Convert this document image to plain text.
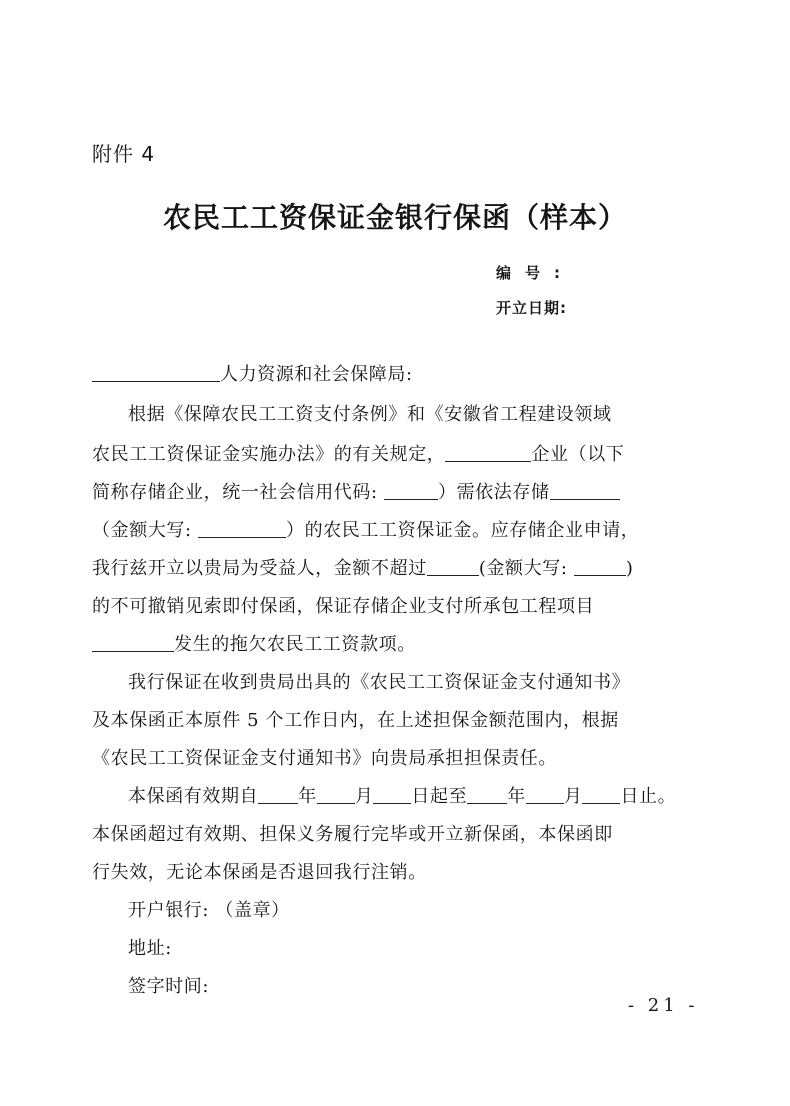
附件 4
农民工工资保证金银行保函（样本）
编号:
开立日期:
人力资源和社会保障局:
根据《保障农民工工资支付条例》和《安徽省工程建设领域
农民工工资保证金实施办法》的有关规定，	企业（以下
简称存储企业，统一社会信用代码:	）需依法存储
（金额大写:	）的农民工工资保证金。应存储企业申请，
我行兹开立以贵局为受益人，金额不超过	(金额大写:	)
的不可撤销见索即付保函，保证存储企业支付所承包工程项目
发生的拖欠农民工工资款项。
我行保证在收到贵局出具的《农民工工资保证金支付通知书》
及本保函正本原件 5 个工作日内，在上述担保金额范围内，根据
《农民工工资保证金支付通知书》向贵局承担担保责任。
本保函有效期自 年 月 日起至 年 月 日止。
本保函超过有效期、担保义务履行完毕或开立新保函，本保函即
行失效，无论本保函是否退回我行注销。
开户银行: （盖章）
地址:
签字时间:
- 21 -
